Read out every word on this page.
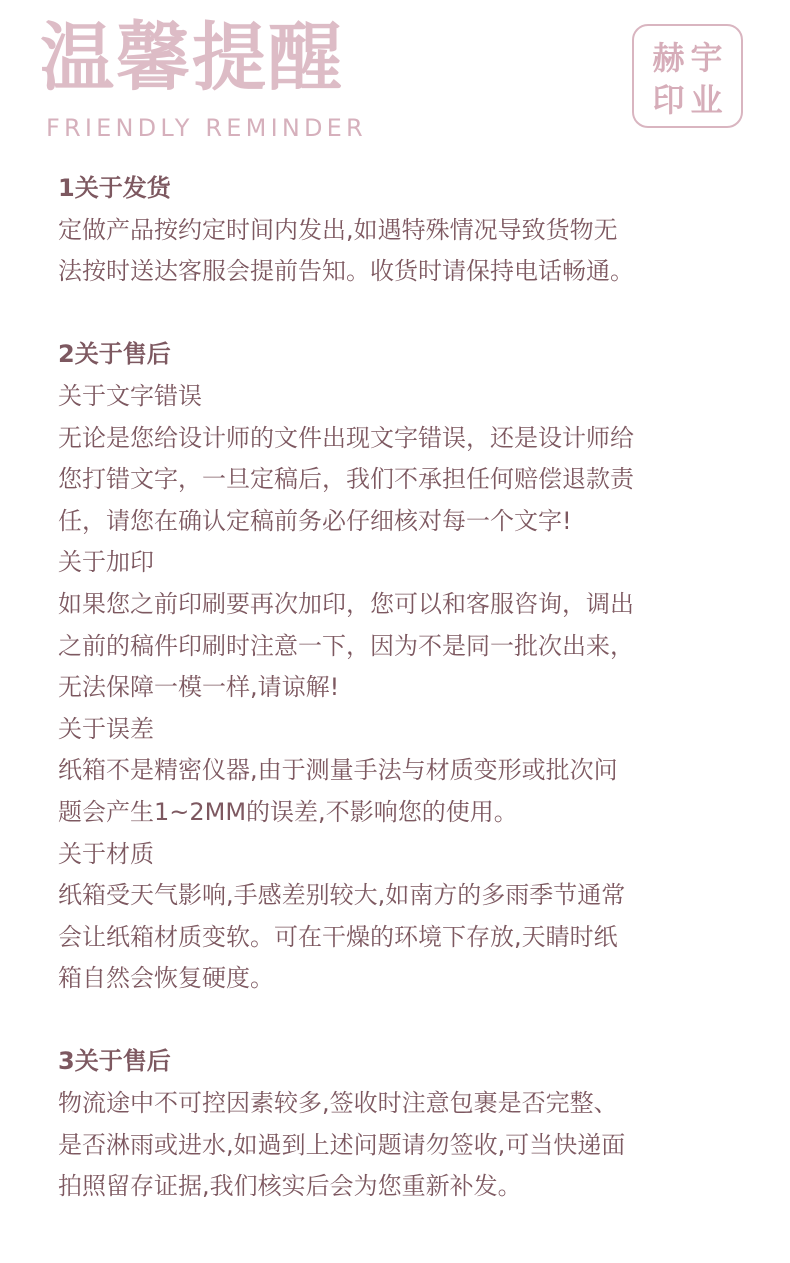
温馨提醒
FRIENDLY REMINDER
赫宇
印业
1关于发货
定做产品按约定时间内发出,如遇特殊情况导致货物无
法按时送达客服会提前告知。收货时请保持电话畅通。
2关于售后
关于文字错误
无论是您给设计师的文件出现文字错误，还是设计师给
您打错文字，一旦定稿后，我们不承担任何赔偿退款责
任，请您在确认定稿前务必仔细核对每一个文字!
关于加印
如果您之前印刷要再次加印，您可以和客服咨询，调出
之前的稿件印刷时注意一下，因为不是同一批次出来，
无法保障一模一样,请谅解!
关于误差
纸箱不是精密仪器,由于测量手法与材质变形或批次问
题会产生1~2MM的误差,不影响您的使用。
关于材质
纸箱受天气影响,手感差别较大,如南方的多雨季节通常
会让纸箱材质变软。可在干燥的环境下存放,天睛时纸
箱自然会恢复硬度。
3关于售后
物流途中不可控因素较多,签收时注意包裹是否完整、
是否淋雨或进水,如過到上述问题请勿签收,可当快递面
拍照留存证据,我们核实后会为您重新补发。
